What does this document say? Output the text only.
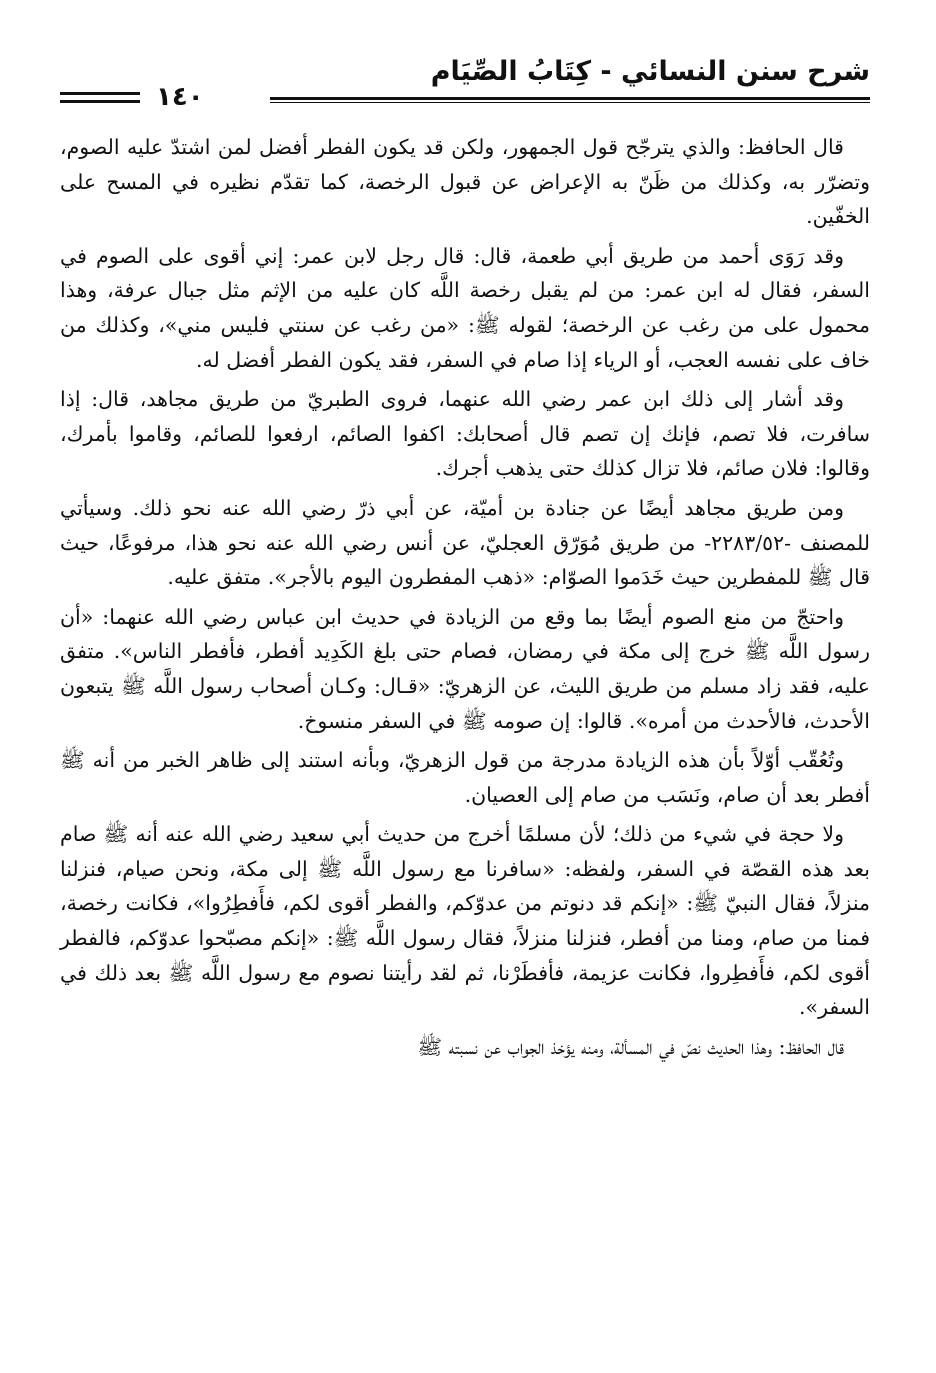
شرح سنن النسائي - كِتَابُ الصِّيَام
١٤٠

قال الحافظ: والذي يترجّح قول الجمهور، ولكن قد يكون الفطر أفضل لمن اشتدّ عليه الصوم، وتضرّر به، وكذلك من ظَنّ به الإعراض عن قبول الرخصة، كما تقدّم نظيره في المسح على الخفّين.

وقد رَوَى أحمد من طريق أبي طعمة، قال: قال رجل لابن عمر: إني أقوى على الصوم في السفر، فقال له ابن عمر: من لم يقبل رخصة اللَّه كان عليه من الإثم مثل جبال عرفة، وهذا محمول على من رغب عن الرخصة؛ لقوله ﷺ: «من رغب عن سنتي فليس مني»، وكذلك من خاف على نفسه العجب، أو الرياء إذا صام في السفر، فقد يكون الفطر أفضل له.

وقد أشار إلى ذلك ابن عمر رضي الله عنهما، فروى الطبريّ من طريق مجاهد، قال: إذا سافرت، فلا تصم، فإنك إن تصم قال أصحابك: اكفوا الصائم، ارفعوا للصائم، وقاموا بأمرك، وقالوا: فلان صائم، فلا تزال كذلك حتى يذهب أجرك.

ومن طريق مجاهد أيضًا عن جنادة بن أميّة، عن أبي ذرّ رضي الله عنه نحو ذلك. وسيأتي للمصنف -٢٢٨٣/٥٢- من طريق مُوَرّق العجليّ، عن أنس رضي الله عنه نحو هذا، مرفوعًا، حيث قال ﷺ للمفطرين حيث خَدَموا الصوّام: «ذهب المفطرون اليوم بالأجر». متفق عليه.

واحتجّ من منع الصوم أيضًا بما وقع من الزيادة في حديث ابن عباس رضي الله عنهما: «أن رسول اللَّه ﷺ خرج إلى مكة في رمضان، فصام حتى بلغ الكَدِيد أفطر، فأفطر الناس». متفق عليه، فقد زاد مسلم من طريق الليث، عن الزهريّ: «قـال: وكـان أصحاب رسول اللَّه ﷺ يتبعون الأحدث، فالأحدث من أمره». قالوا: إن صومه ﷺ في السفر منسوخ.

وتُعُقّب أوّلاً بأن هذه الزيادة مدرجة من قول الزهريّ، وبأنه استند إلى ظاهر الخبر من أنه ﷺ أفطر بعد أن صام، ونَسَب من صام إلى العصيان.

ولا حجة في شيء من ذلك؛ لأن مسلمًا أخرج من حديث أبي سعيد رضي الله عنه أنه ﷺ صام بعد هذه القصّة في السفر، ولفظه: «سافرنا مع رسول اللَّه ﷺ إلى مكة، ونحن صيام، فنزلنا منزلاً، فقال النبيّ ﷺ: «إنكم قد دنوتم من عدوّكم، والفطر أقوى لكم، فأَفطِرُوا»، فكانت رخصة، فمنا من صام، ومنا من أفطر، فنزلنا منزلاً، فقال رسول اللَّه ﷺ: «إنكم مصبّحوا عدوّكم، فالفطر أقوى لكم، فأَفطِروا، فكانت عزيمة، فأفطَرْنا، ثم لقد رأيتنا نصوم مع رسول اللَّه ﷺ بعد ذلك في السفر».

قال الحافظ: وهذا الحديث نصّ في المسألة، ومنه يؤخذ الجواب عن نسبته ﷺ
